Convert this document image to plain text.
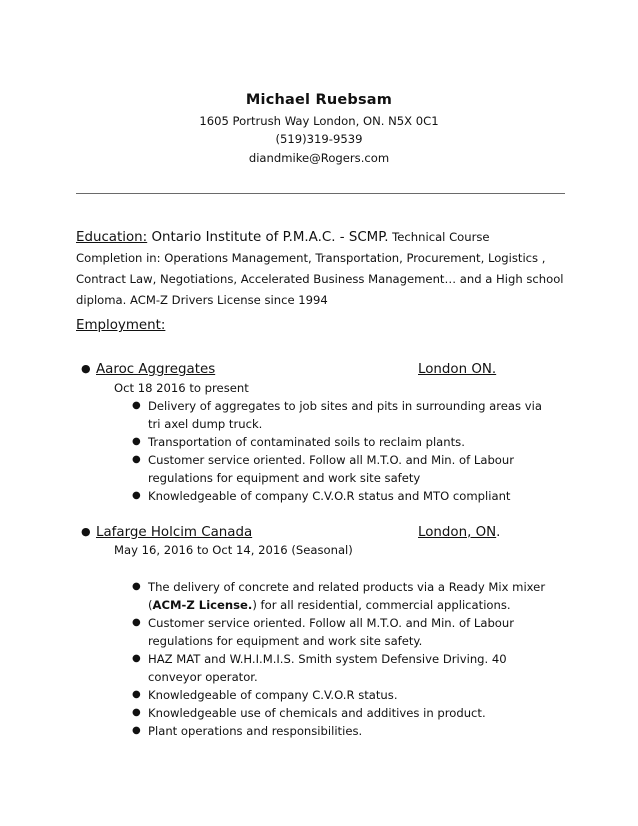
Michael Ruebsam
1605 Portrush Way London, ON. N5X 0C1
(519)319-9539
diandmike@Rogers.com
Education: Ontario Institute of P.M.A.C. - SCMP. Technical Course
Completion in: Operations Management, Transportation, Procurement, Logistics ,
Contract Law, Negotiations, Accelerated Business Management… and a High school
diploma. ACM-Z Drivers License since 1994
Employment:
● Aaroc Aggregates	London ON.
Oct 18 2016 to present
● Delivery of aggregates to job sites and pits in surrounding areas via
tri axel dump truck.
● Transportation of contaminated soils to reclaim plants.
● Customer service oriented. Follow all M.T.O. and Min. of Labour
regulations for equipment and work site safety
● Knowledgeable of company C.V.O.R status and MTO compliant
● Lafarge Holcim Canada	London, ON.
May 16, 2016 to Oct 14, 2016 (Seasonal)
● The delivery of concrete and related products via a Ready Mix mixer
(ACM-Z License.) for all residential, commercial applications.
● Customer service oriented. Follow all M.T.O. and Min. of Labour
regulations for equipment and work site safety.
● HAZ MAT and W.H.I.M.I.S. Smith system Defensive Driving. 40
conveyor operator.
● Knowledgeable of company C.V.O.R status.
● Knowledgeable use of chemicals and additives in product.
● Plant operations and responsibilities.
